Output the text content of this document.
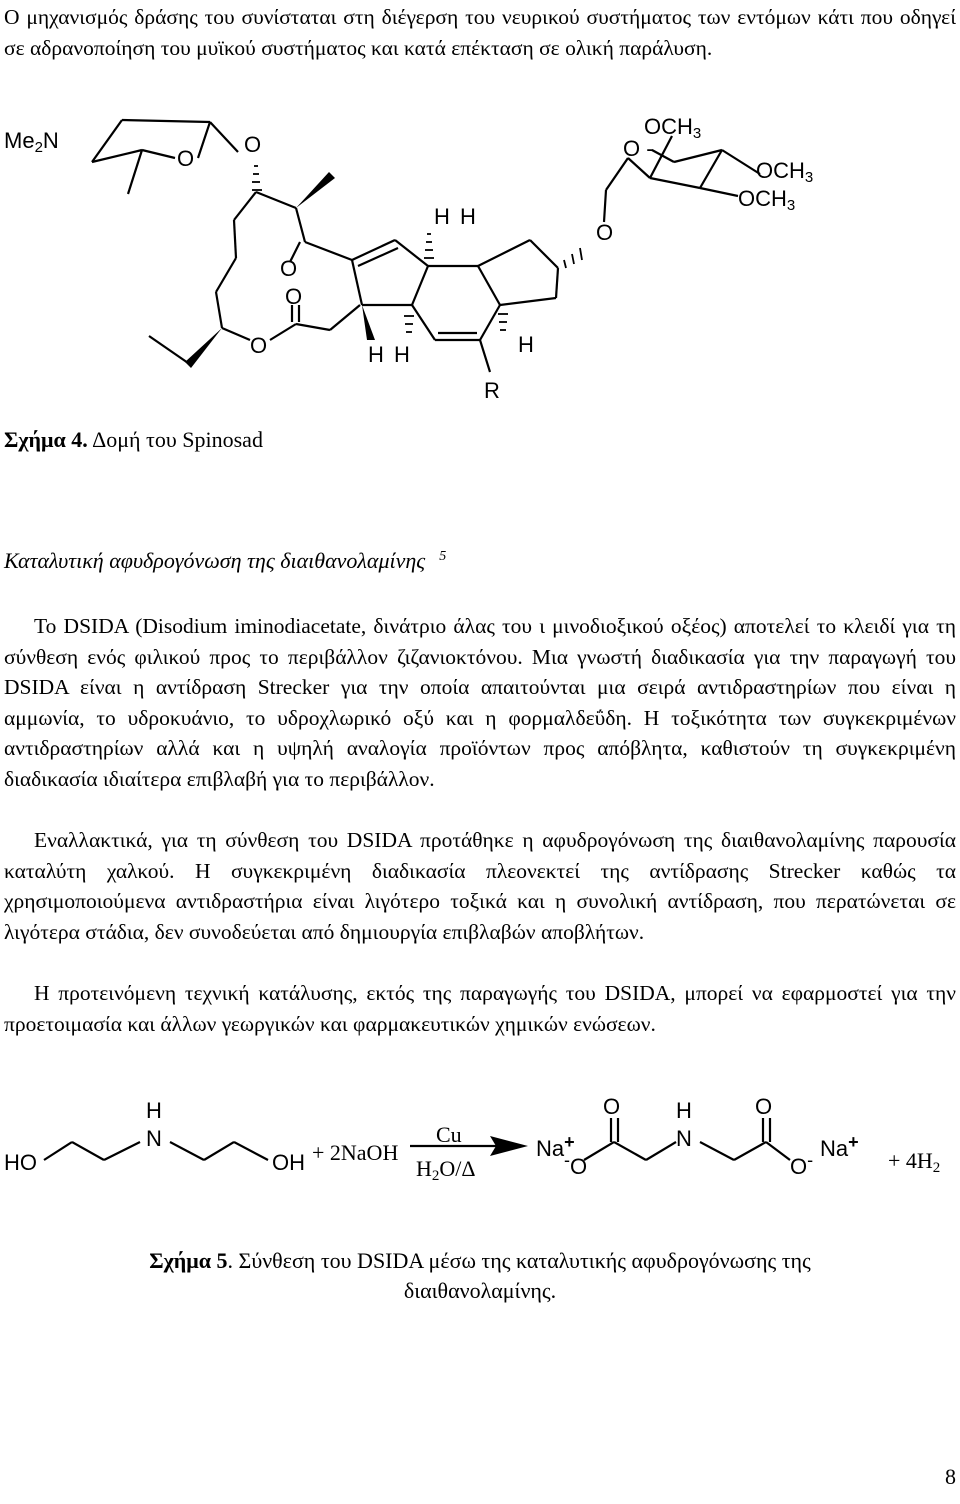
Ο μηχανισμός δράσης του συνίσταται στη διέγερση του νευρικού συστήματος των εντόμων κάτι που οδηγεί σε αδρανοποίηση του μυϊκού συστήματος και κατά επέκταση σε ολική παράλυση.
Me2N
O
O
O
O
O
H H
H H	H
R
O
O -
OCH3
OCH3
OCH3
Σχήμα 4. Δομή του Spinosad
Καταλυτική αφυδρογόνωση της διαιθανολαμίνης $^5$
Το DSIDA (Disodium iminodiacetate, δινάτριο άλας του ι μινοδιοξικού οξέος) αποτελεί το κλειδί για τη σύνθεση ενός φιλικού προς το περιβάλλον ζιζανιοκτόνου. Μια γνωστή διαδικασία για την παραγωγή του DSIDA είναι η αντίδραση Strecker για την οποία απαιτούνται μια σειρά αντιδραστηρίων που είναι η αμμωνία, το υδροκυάνιο, το υδροχλωρικό οξύ και η φορμαλδεΰδη. Η τοξικότητα των συγκεκριμένων αντιδραστηρίων αλλά και η υψηλή αναλογία προϊόντων προς απόβλητα, καθιστούν τη συγκεκριμένη διαδικασία ιδιαίτερα επιβλαβή για το περιβάλλον.
Εναλλακτικά, για τη σύνθεση του DSIDA προτάθηκε η αφυδρογόνωση της διαιθανολαμίνης παρουσία καταλύτη χαλκού. Η συγκεκριμένη διαδικασία πλεονεκτεί της αντίδρασης Strecker καθώς τα χρησιμοποιούμενα αντιδραστήρια είναι λιγότερο τοξικά και η συνολική αντίδραση, που περατώνεται σε λιγότερα στάδια, δεν συνοδεύεται από δημιουργία επιβλαβών αποβλήτων.
Η προτεινόμενη τεχνική κατάλυσης, εκτός της παραγωγής του DSIDA, μπορεί να εφαρμοστεί για την προετοιμασία και άλλων γεωργικών και φαρμακευτικών χημικών ενώσεων.
HO
H
N
OH
H
N
O	O
-O	O-
Na+	Na+
+ 2NaOH
Cu
H2O/Δ	+ 4H2
Σχήμα 5. Σύνθεση του DSIDA μέσω της καταλυτικής αφυδρογόνωσης της
διαιθανολαμίνης.
8
